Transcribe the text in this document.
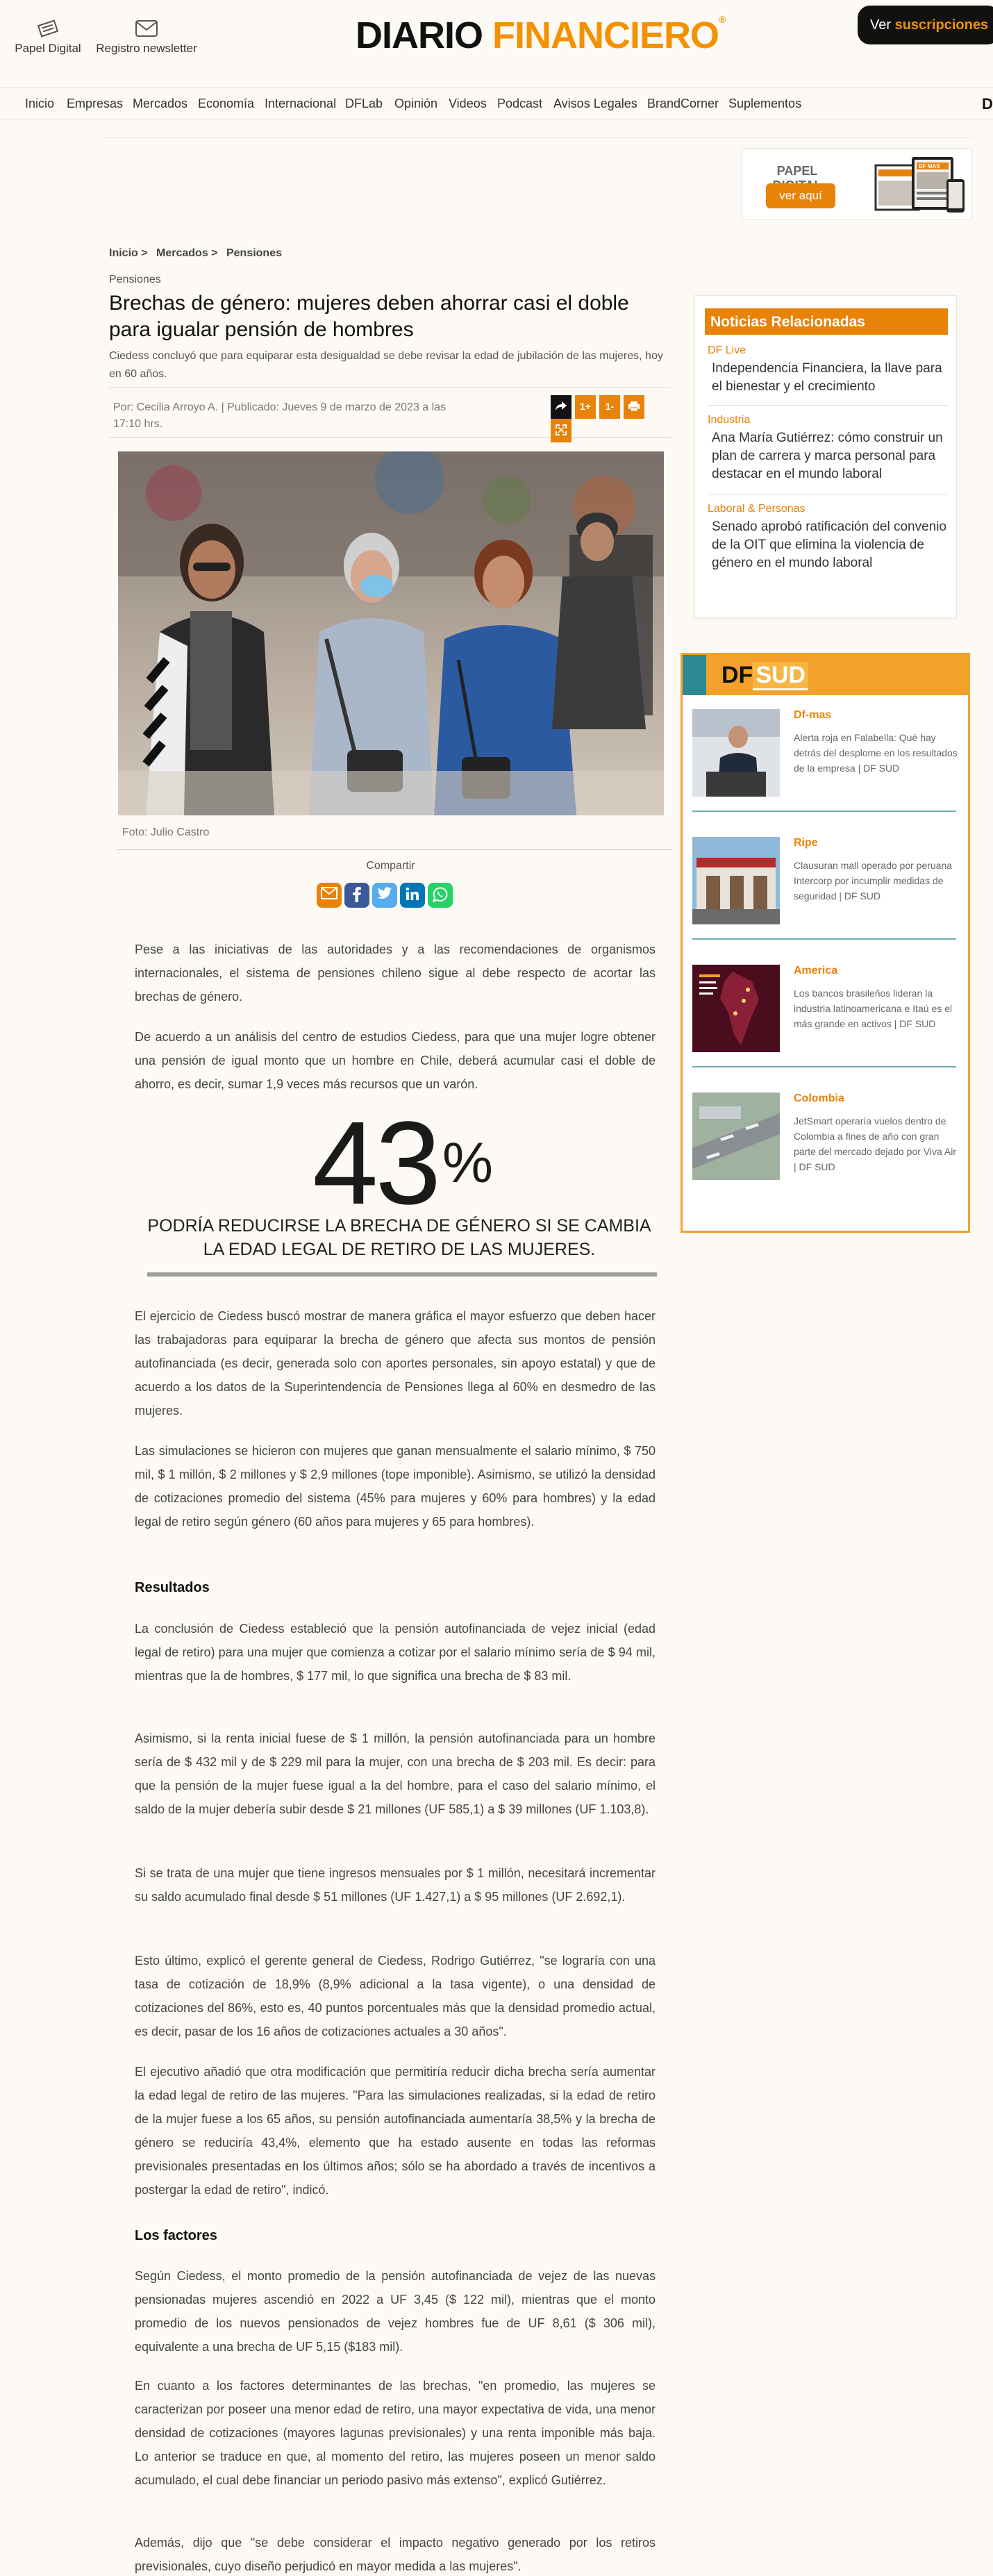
Papel Digital	Registro newsletter	DIARIO FINANCIERO®	Ver suscripciones
Inicio Empresas Mercados Economía Internacional DFLab Opinión Videos Podcast Avisos Legales BrandCorner Suplementos	D
PAPEL
ver aquí
DF MAS
Inicio > Mercados > Pensiones
Pensiones
Brechas de género: mujeres deben ahorrar casi el doble para igualar pensión de hombres

Ciedess concluyó que para equiparar esta desigualdad se debe revisar la edad de jubilación de las mujeres, hoy en 60 años.

Por: Cecilia Arroyo A. | Publicado: Jueves 9 de marzo de 2023 a las 17:10 hrs.
1+ 1-
Foto: Julio Castro
Compartir

Pese a las iniciativas de las autoridades y a las recomendaciones de organismos internacionales, el sistema de pensiones chileno sigue al debe respecto de acortar las brechas de género.

De acuerdo a un análisis del centro de estudios Ciedess, para que una mujer logre obtener una pensión de igual monto que un hombre en Chile, deberá acumular casi el doble de ahorro, es decir, sumar 1,9 veces más recursos que un varón.

43 %
PODRÍA REDUCIRSE LA BRECHA DE GÉNERO SI SE CAMBIA LA EDAD LEGAL DE RETIRO DE LAS MUJERES.

El ejercicio de Ciedess buscó mostrar de manera gráfica el mayor esfuerzo que deben hacer las trabajadoras para equiparar la brecha de género que afecta sus montos de pensión autofinanciada (es decir, generada solo con aportes personales, sin apoyo estatal) y que de acuerdo a los datos de la Superintendencia de Pensiones llega al 60% en desmedro de las mujeres.

Las simulaciones se hicieron con mujeres que ganan mensualmente el salario mínimo, $ 750 mil, $ 1 millón, $ 2 millones y $ 2,9 millones (tope imponible). Asimismo, se utilizó la densidad de cotizaciones promedio del sistema (45% para mujeres y 60% para hombres) y la edad legal de retiro según género (60 años para mujeres y 65 para hombres).

Resultados

La conclusión de Ciedess estableció que la pensión autofinanciada de vejez inicial (edad legal de retiro) para una mujer que comienza a cotizar por el salario mínimo sería de $ 94 mil, mientras que la de hombres, $ 177 mil, lo que significa una brecha de $ 83 mil.

Asimismo, si la renta inicial fuese de $ 1 millón, la pensión autofinanciada para un hombre sería de $ 432 mil y de $ 229 mil para la mujer, con una brecha de $ 203 mil. Es decir: para que la pensión de la mujer fuese igual a la del hombre, para el caso del salario mínimo, el saldo de la mujer debería subir desde $ 21 millones (UF 585,1) a $ 39 millones (UF 1.103,8).

Si se trata de una mujer que tiene ingresos mensuales por $ 1 millón, necesitará incrementar su saldo acumulado final desde $ 51 millones (UF 1.427,1) a $ 95 millones (UF 2.692,1).

Esto último, explicó el gerente general de Ciedess, Rodrigo Gutiérrez, "se lograría con una tasa de cotización de 18,9% (8,9% adicional a la tasa vigente), o una densidad de cotizaciones del 86%, esto es, 40 puntos porcentuales más que la densidad promedio actual, es decir, pasar de los 16 años de cotizaciones actuales a 30 años".

El ejecutivo añadió que otra modificación que permitiría reducir dicha brecha sería aumentar la edad legal de retiro de las mujeres. "Para las simulaciones realizadas, si la edad de retiro de la mujer fuese a los 65 años, su pensión autofinanciada aumentaría 38,5% y la brecha de género se reduciría 43,4%, elemento que ha estado ausente en todas las reformas previsionales presentadas en los últimos años; sólo se ha abordado a través de incentivos a postergar la edad de retiro", indicó.

Los factores

Según Ciedess, el monto promedio de la pensión autofinanciada de vejez de las nuevas pensionadas mujeres ascendió en 2022 a UF 3,45 ($ 122 mil), mientras que el monto promedio de los nuevos pensionados de vejez hombres fue de UF 8,61 ($ 306 mil), equivalente a una brecha de UF 5,15 ($183 mil).

En cuanto a los factores determinantes de las brechas, "en promedio, las mujeres se caracterizan por poseer una menor edad de retiro, una mayor expectativa de vida, una menor densidad de cotizaciones (mayores lagunas previsionales) y una renta imponible más baja. Lo anterior se traduce en que, al momento del retiro, las mujeres poseen un menor saldo acumulado, el cual debe financiar un periodo pasivo más extenso", explicó Gutiérrez.

Además, dijo que "se debe considerar el impacto negativo generado por los retiros previsionales, cuyo diseño perjudicó en mayor medida a las mujeres".

Noticias Relacionadas
DF Live
Independencia Financiera, la llave para el bienestar y el crecimiento
Industria
Ana María Gutiérrez: cómo construir un plan de carrera y marca personal para destacar en el mundo laboral
Laboral & Personas
Senado aprobó ratificación del convenio de la OIT que elimina la violencia de género en el mundo laboral
DF SUD
Df-mas
Alerta roja en Falabella: Qué hay detrás del desplome en los resultados de la empresa | DF SUD
Ripe
Clausuran mall operado por peruana Intercorp por incumplir medidas de seguridad | DF SUD
America
Los bancos brasileños lideran la industria latinoamericana e Itaú es el más grande en activos | DF SUD
Colombia
JetSmart operaría vuelos dentro de Colombia a fines de año con gran parte del mercado dejado por Viva Air | DF SUD
